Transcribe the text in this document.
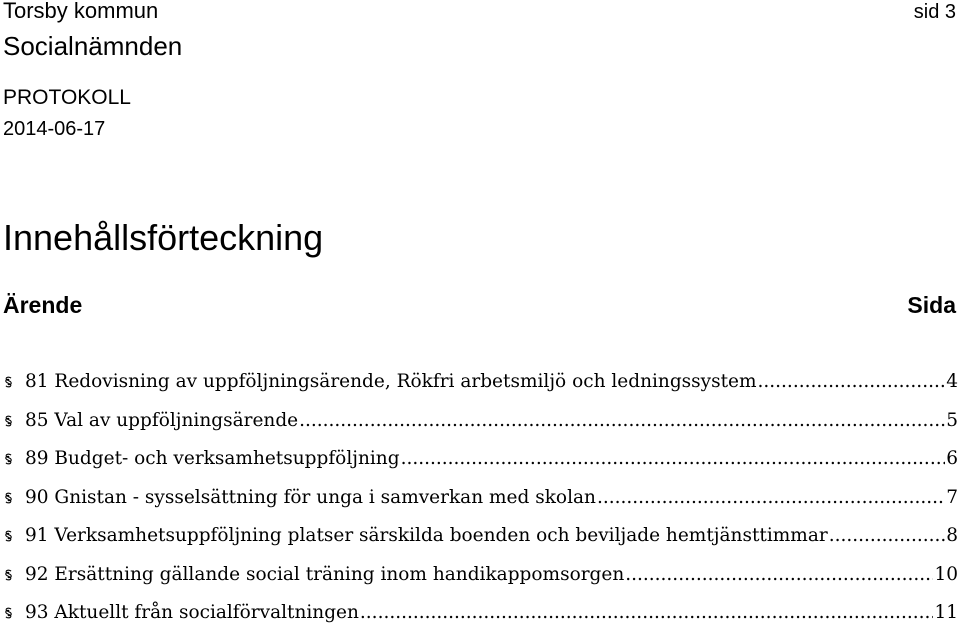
Torsby kommun
Socialnämnden
sid 3
PROTOKOLL
2014-06-17
Innehållsförteckning
Ärende	Sida
81 Redovisning av uppföljningsärende, Rökfri arbetsmiljö och ledningssystem .....	4
85 Val av uppföljningsärende .....	5
89 Budget- och verksamhetsuppföljning .....	6
90 Gnistan - sysselsättning för unga i samverkan med skolan .....	7
91 Verksamhetsuppföljning platser särskilda boenden och beviljade hemtjänsttimmar .....	8
92 Ersättning gällande social träning inom handikappomsorgen .....	10
93 Aktuellt från socialförvaltningen .....	11
